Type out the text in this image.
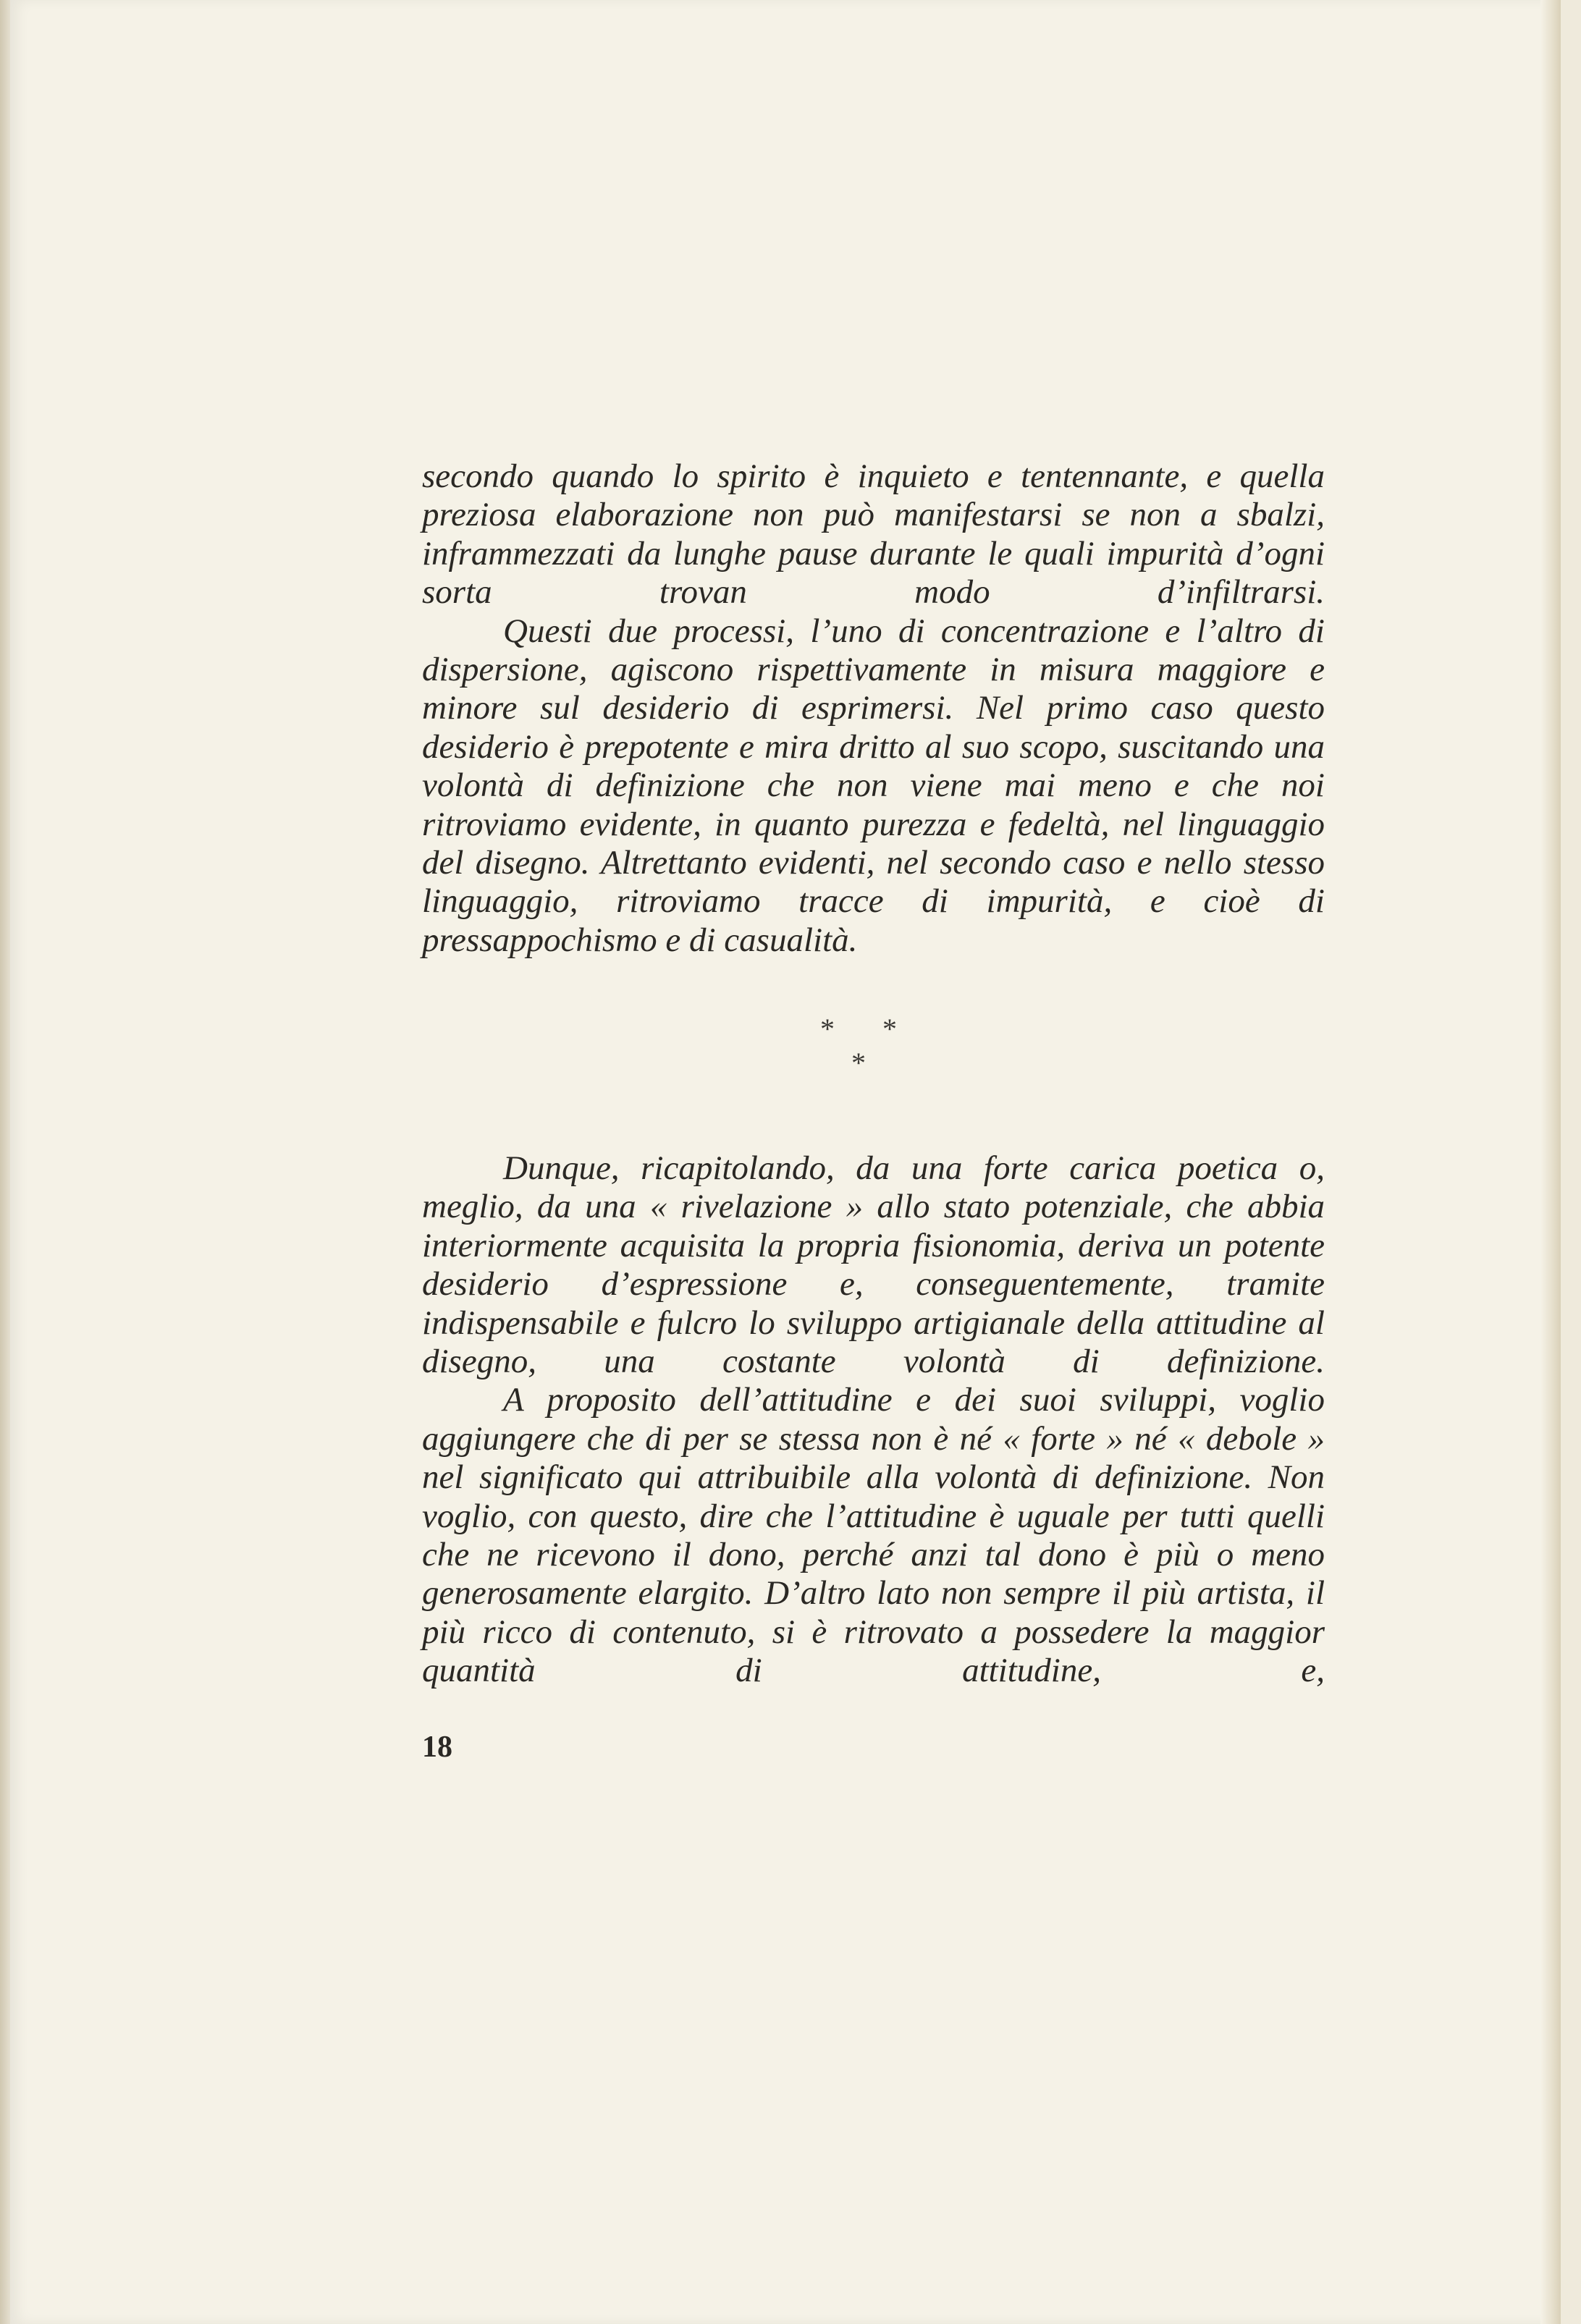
secondo quando lo spirito è inquieto e tentennante, e quella preziosa elaborazione non può manifestarsi se non a sbalzi, inframmezzati da lunghe pause durante le quali impurità d’ogni sorta trovan modo d’infiltrarsi.

Questi due processi, l’uno di concentrazione e l’altro di dispersione, agiscono rispettivamente in misura maggiore e minore sul desiderio di esprimersi. Nel primo caso questo desiderio è prepotente e mira dritto al suo scopo, suscitando una volontà di definizione che non viene mai meno e che noi ritroviamo evidente, in quanto purezza e fedeltà, nel linguaggio del disegno. Altrettanto evidenti, nel secondo caso e nello stesso linguaggio, ritroviamo tracce di impurità, e cioè di pressappochismo e di casualità.

* * *

Dunque, ricapitolando, da una forte carica poetica o, meglio, da una « rivelazione » allo stato potenziale, che abbia interiormente acquisita la propria fisionomia, deriva un potente desiderio d’espressione e, conseguentemente, tramite indispensabile e fulcro lo sviluppo artigianale della attitudine al disegno, una costante volontà di definizione.

A proposito dell’attitudine e dei suoi sviluppi, voglio aggiungere che di per se stessa non è né « forte » né « debole » nel significato qui attribuibile alla volontà di definizione. Non voglio, con questo, dire che l’attitudine è uguale per tutti quelli che ne ricevono il dono, perché anzi tal dono è più o meno generosamente elargito. D’altro lato non sempre il più artista, il più ricco di contenuto, si è ritrovato a possedere la maggior quantità di attitudine, e,

18
